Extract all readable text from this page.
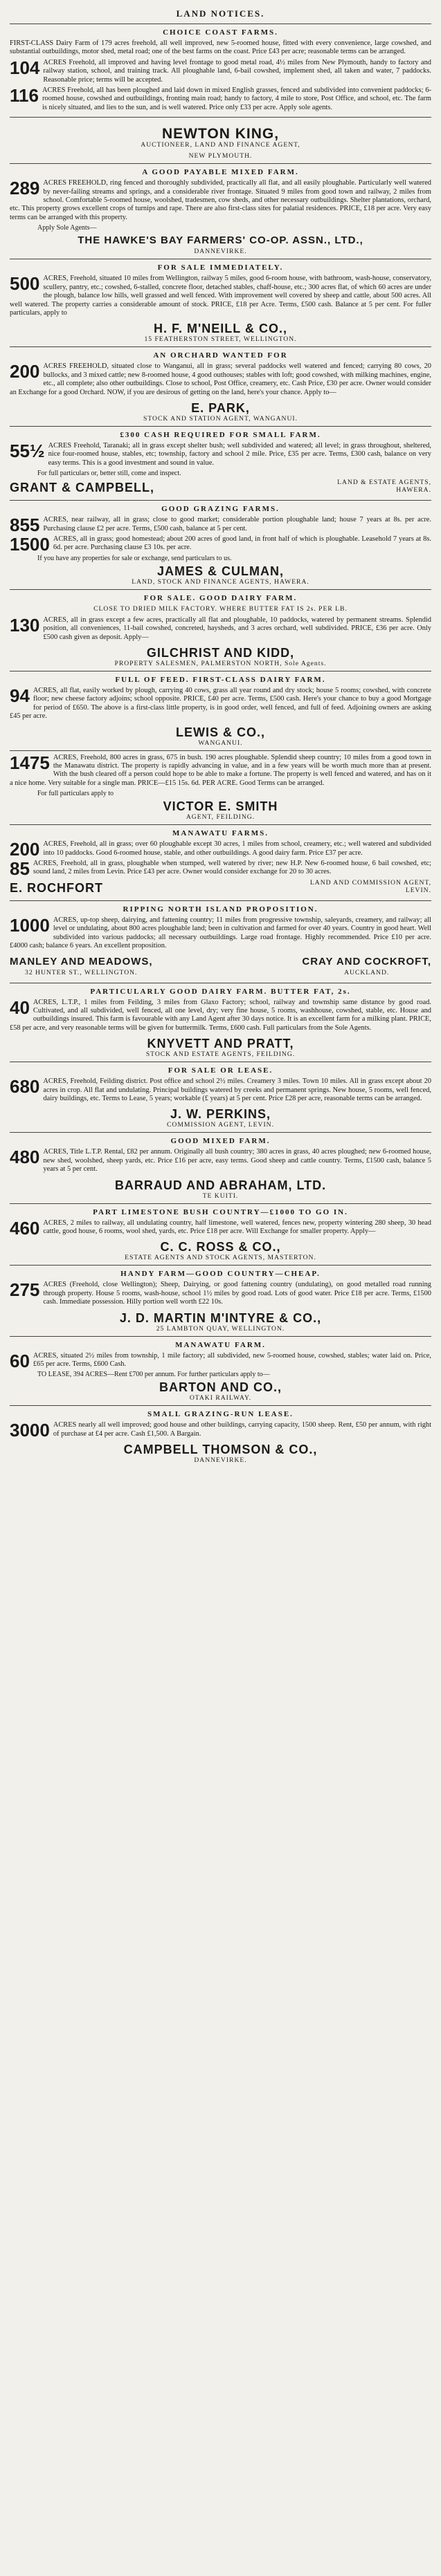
LAND NOTICES.
CHOICE COAST FARMS.

FIRST-CLASS Dairy Farm of 179 acres freehold, all well improved, new 5-roomed house, fitted with every convenience, large cowshed, and substantial outbuildings, motor shed, metal road; one of the best farms on the coast. Price £43 per acre; reasonable terms can be arranged.

104 ACRES Freehold, all improved and having level frontage to good metal road, 4½ miles from New Plymouth, handy to factory and railway station, school, and training track. All ploughable land, 6-bail cowshed, implement shed, all taken and water, 7 paddocks. Reasonable price; terms will be accepted.

116 ACRES Freehold, all has been ploughed and laid down in mixed English grasses, fenced and subdivided into convenient paddocks; 6-roomed house, cowshed and outbuildings, fronting main road; handy to factory, 4 mile to store, Post Office, and school, etc. The farm is nicely situated, and lies to the sun, and is well watered. Price only £33 per acre. Apply sole agents.

NEWTON KING,
AUCTIONEER, LAND AND FINANCE AGENT,
NEW PLYMOUTH.
A GOOD PAYABLE MIXED FARM.
289 ACRES FREEHOLD, ring fenced and thoroughly subdivided, practically all flat, and all easily ploughable. Particularly well watered by never-failing streams and springs, and a considerable river frontage. Situated 9 miles from good town and railway, 2 miles from school. Comfortable 5-roomed house, woolshed, tradesmen, cow sheds, and other necessary outbuildings. Shelter plantations, orchard, etc. This property grows excellent crops of turnips and rape. There are also first-class sites for palatial residences. PRICE, £18 per acre. Very easy terms can be arranged with this property.

Apply Sole Agents—
THE HAWKE'S BAY FARMERS' CO-OP. ASSN., LTD.,
DANNEVIRKE.
FOR SALE IMMEDIATELY.
500 ACRES, Freehold, situated 10 miles from Wellington, railway 5 miles, good 6-room house, with bathroom, wash-house, conservatory, scullery, pantry, etc.; cowshed, 6-stalled, concrete floor, detached stables, chaff-house, etc.; 300 acres flat, of which 60 acres are under the plough, balance low hills, well grassed and well fenced. With improvement well covered by sheep and cattle, about 500 acres. All well watered. The property carries a considerable amount of stock. PRICE, £18 per Acre. Terms, £500 cash. Balance at 5 per cent. For fuller particulars, apply to

H. F. M'NEILL & CO.,
15 FEATHERSTON STREET, WELLINGTON.
AN ORCHARD WANTED FOR
200 ACRES FREEHOLD, situated close to Wanganui, all in grass; several paddocks well watered and fenced; carrying 80 cows, 20 bullocks, and 3 mixed cattle; new 8-roomed house, 4 good outhouses; stables with loft; good cowshed, with milking machines, engine, etc., all complete; also other outbuildings. Close to school, Post Office, creamery, etc. Cash Price, £30 per acre. Owner would consider an Exchange for a good Orchard. NOW, if you are desirous of getting on the land, here's your chance. Apply to—

E. PARK,
STOCK AND STATION AGENT, WANGANUI.
£300 CASH REQUIRED FOR SMALL FARM.
55½ ACRES Freehold, Taranaki; all in grass except shelter bush; well subdivided and watered; all level; in grass throughout, sheltered, nice four-roomed house, stables, etc; township, factory and school 2 mile. Price, £35 per acre. Terms, £300 cash, balance on very easy terms. This is a good investment and sound in value.

For full particulars or, better still, come and inspect.
GRANT & CAMPBELL,	LAND & ESTATE AGENTS, HAWERA.
GOOD GRAZING FARMS.
855 ACRES, near railway, all in grass; close to good market; considerable portion ploughable land; house 7 years at 8s. per acre. Purchasing clause £2 per acre. Terms, £500 cash, balance at 5 per cent.

1500 ACRES, all in grass; good homestead; about 200 acres of good land, in front half of which is ploughable. Leasehold 7 years at 8s. 6d. per acre. Purchasing clause £3 10s. per acre.

If you have any properties for sale or exchange, send particulars to us.
JAMES & CULMAN,
LAND, STOCK AND FINANCE AGENTS, HAWERA.
FOR SALE. GOOD DAIRY FARM.
CLOSE TO DRIED MILK FACTORY. WHERE BUTTER FAT IS 2s. PER LB.
130 ACRES, all in grass except a few acres, practically all flat and ploughable, 10 paddocks, watered by permanent streams. Splendid position, all conveniences, 11-bail cowshed, concreted, haysheds, and 3 acres orchard, well subdivided. PRICE, £36 per acre. Only £500 cash given as deposit. Apply—

GILCHRIST AND KIDD,
PROPERTY SALESMEN, PALMERSTON NORTH, Sole Agents.
FULL OF FEED. FIRST-CLASS DAIRY FARM.
94 ACRES, all flat, easily worked by plough, carrying 40 cows, grass all year round and dry stock; house 5 rooms; cowshed, with concrete floor; new cheese factory adjoins; school opposite. PRICE, £40 per acre. Terms, £500 cash. Here's your chance to buy a good Mortgage for period of £650. The above is a first-class little property, is in good order, well fenced, and full of feed. Adjoining owners are asking £45 per acre.

LEWIS & CO.,
WANGANUI.
1475 ACRES, Freehold, 800 acres in grass, 675 in bush. 190 acres ploughable. Splendid sheep country; 10 miles from a good town in the Manawatu district. The property is rapidly advancing in value, and in a few years will be worth much more than at present. With the bush cleared off a person could hope to be able to make a fortune. The property is well fenced and watered, and has on it a nice home. Very suitable for a single man. PRICE—£15 15s. 6d. PER ACRE. Good Terms can be arranged.

For full particulars apply to
VICTOR E. SMITH
AGENT, FEILDING.
MANAWATU FARMS.
200 ACRES, Freehold, all in grass; over 60 ploughable except 30 acres, 1 miles from school, creamery, etc.; well watered and subdivided into 10 paddocks. Good 6-roomed house, stable, and other outbuildings. A good dairy farm. Price £37 per acre.

85 ACRES, Freehold, all in grass, ploughable when stumped, well watered by river; new H.P. New 6-roomed house, 6 bail cowshed, etc; sound land, 2 miles from Levin. Price £43 per acre. Owner would consider exchange for 20 to 30 acres.

E. ROCHFORT	LAND AND COMMISSION AGENT, LEVIN.
RIPPING NORTH ISLAND PROPOSITION.
1000 ACRES, up-top sheep, dairying, and fattening country; 11 miles from progressive township, saleyards, creamery, and railway; all level or undulating, about 800 acres ploughable land; been in cultivation and farmed for over 40 years. Country in good heart. Well subdivided into various paddocks; all necessary outbuildings. Large road frontage. Highly recommended. Price £10 per acre. £4000 cash; balance 6 years. An excellent proposition.

MANLEY AND MEADOWS,
32 HUNTER ST., WELLINGTON.
CRAY AND COCKROFT,
AUCKLAND.
PARTICULARLY GOOD DAIRY FARM. BUTTER FAT, 2s.
40 ACRES, L.T.P., 1 miles from Feilding, 3 miles from Glaxo Factory; school, railway and township same distance by good road. Cultivated, and all subdivided, well fenced, all one level, dry; very fine house, 5 rooms, washhouse, cowshed, stable, etc. House and outbuildings insured. This farm is favourable with any Land Agent after 30 days notice. It is an excellent farm for a milking plant. PRICE, £58 per acre, and very reasonable terms will be given for buttermilk. Terms, £600 cash. Full particulars from the Sole Agents.

KNYVETT AND PRATT,
STOCK AND ESTATE AGENTS, FEILDING.
FOR SALE OR LEASE.
680 ACRES, Freehold, Feilding district. Post office and school 2½ miles. Creamery 3 miles. Town 10 miles. All in grass except about 20 acres in crop. All flat and undulating. Principal buildings watered by creeks and permanent springs. New house, 5 rooms, well fenced, dairy buildings, etc. Terms to Lease, 5 years; workable (£ years) at 5 per cent. Price £28 per acre, reasonable terms can be arranged.

J. W. PERKINS,
COMMISSION AGENT, LEVIN.
GOOD MIXED FARM.
480 ACRES, Title L.T.P. Rental, £82 per annum. Originally all bush country; 380 acres in grass, 40 acres ploughed; new 6-roomed house, new shed, woolshed, sheep yards, etc. Price £16 per acre, easy terms. Good sheep and cattle country. Terms, £1500 cash, balance 5 years at 5 per cent.

BARRAUD AND ABRAHAM, LTD.
TE KUITI.
PART LIMESTONE BUSH COUNTRY—£1000 TO GO IN.
460 ACRES, 2 miles to railway, all undulating country, half limestone, well watered, fences new, property wintering 280 sheep, 30 head cattle, good house, 6 rooms, wool shed, yards, etc. Price £18 per acre. Will Exchange for smaller property. Apply—

C. C. ROSS & CO.,
ESTATE AGENTS AND STOCK AGENTS, MASTERTON.
HANDY FARM—GOOD COUNTRY—CHEAP.
275 ACRES (Freehold, close Wellington); Sheep, Dairying, or good fattening country (undulating), on good metalled road running through property. House 5 rooms, wash-house, school 1½ miles by good road. Lots of good water. Price £18 per acre. Terms, £1500 cash. Immediate possession. Hilly portion well worth £22 10s.

J. D. MARTIN M'INTYRE & CO.,
25 LAMBTON QUAY, WELLINGTON.
MANAWATU FARM.
60 ACRES, situated 2½ miles from township, 1 mile factory; all subdivided, new 5-roomed house, cowshed, stables; water laid on. Price, £65 per acre. Terms, £600 Cash.

TO LEASE, 394 ACRES—Rent £700 per annum. For further particulars apply to—
BARTON AND CO.,
OTAKI RAILWAY.
SMALL GRAZING-RUN LEASE.
3000 ACRES nearly all well improved; good house and other buildings, carrying capacity, 1500 sheep. Rent, £50 per annum, with right of purchase at £4 per acre. Cash £1,500. A Bargain.

CAMPBELL THOMSON & CO.,
DANNEVIRKE.
